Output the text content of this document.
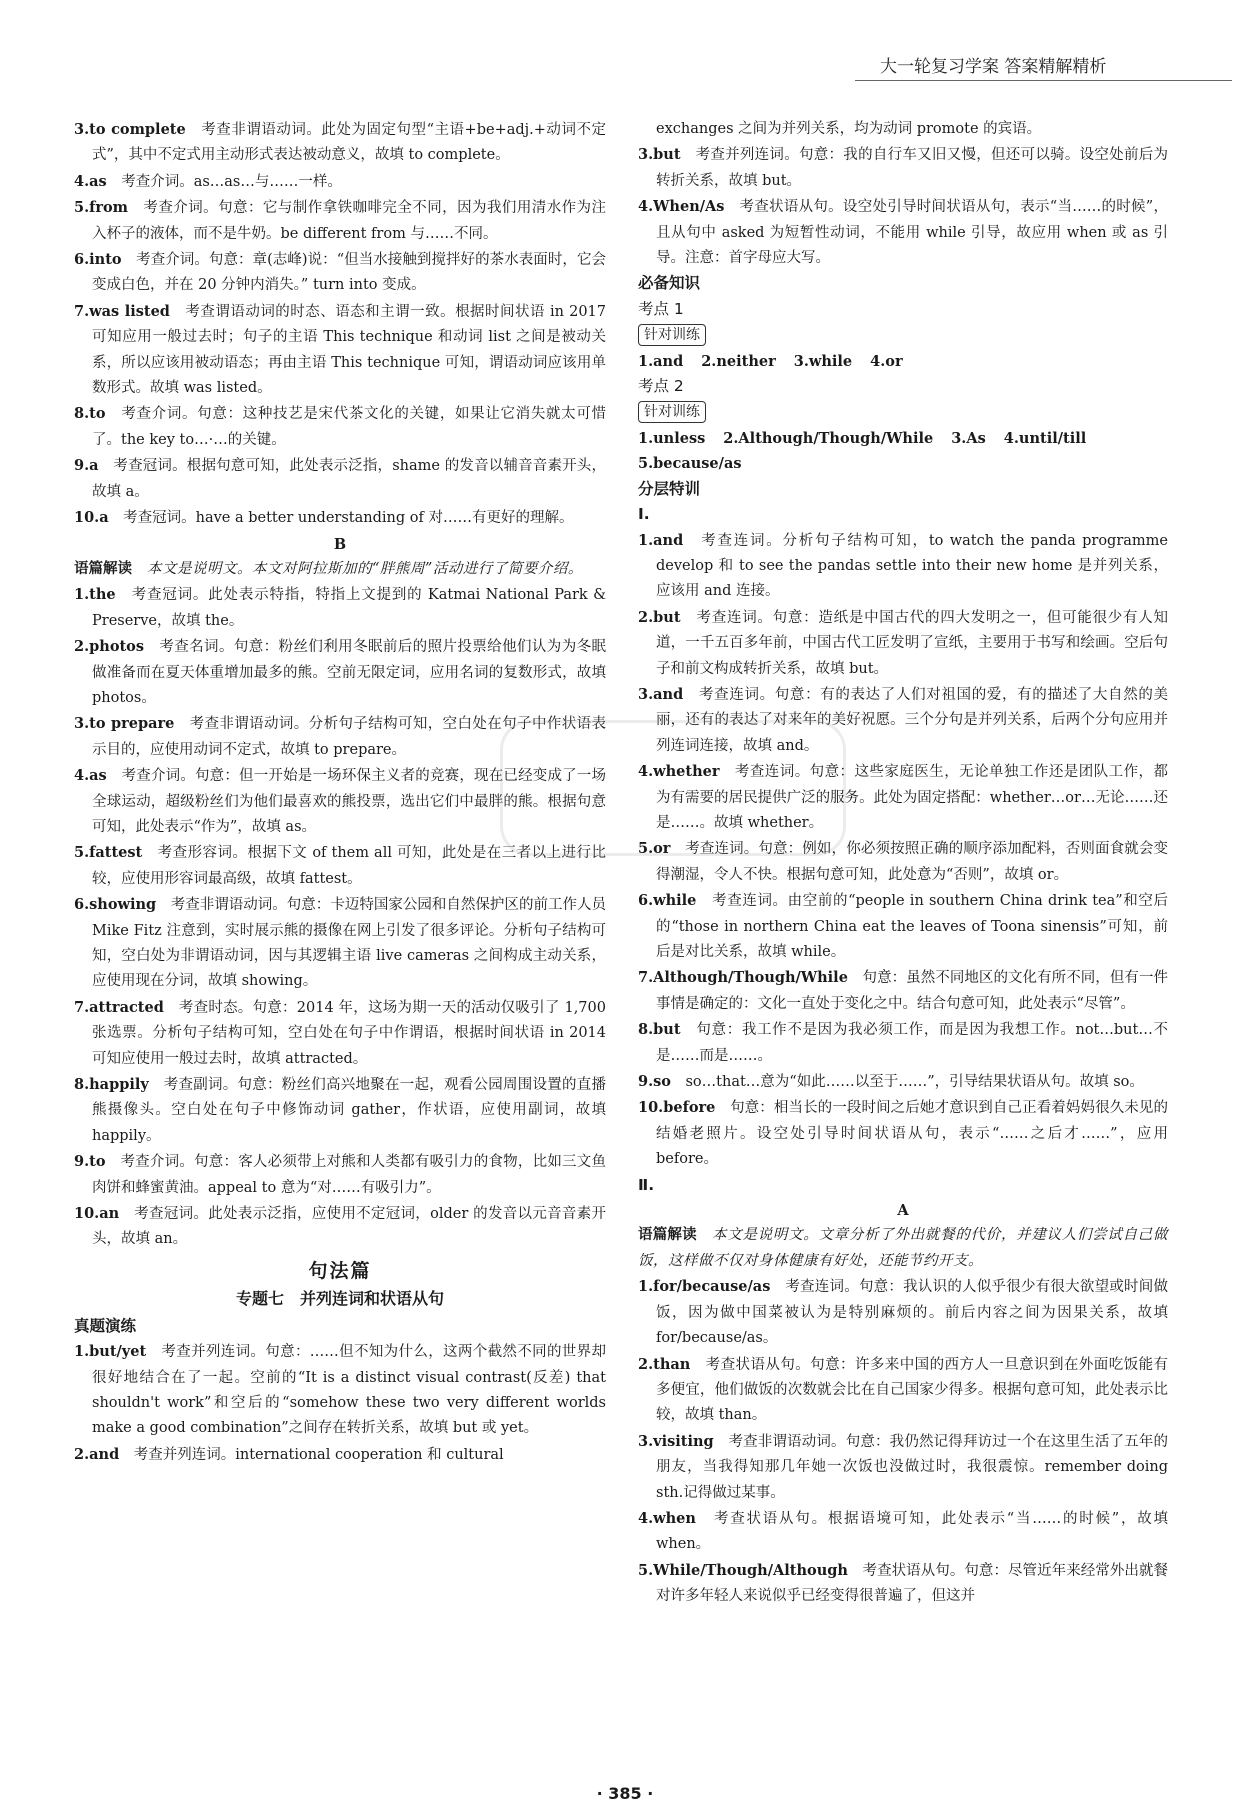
大一轮复习学案 答案精解精析

3.to complete　考查非谓语动词。此处为固定句型“主语+be+adj.+动词不定式”，其中不定式用主动形式表达被动意义，故填 to complete。

4.as　考查介词。as…as…与……一样。

5.from　考查介词。句意：它与制作拿铁咖啡完全不同，因为我们用清水作为注入杯子的液体，而不是牛奶。be different from 与……不同。

6.into　考查介词。句意：章(志峰)说：“但当水接触到搅拌好的茶水表面时，它会变成白色，并在 20 分钟内消失。” turn into 变成。

7.was listed　考查谓语动词的时态、语态和主谓一致。根据时间状语 in 2017 可知应用一般过去时；句子的主语 This technique 和动词 list 之间是被动关系，所以应该用被动语态；再由主语 This technique 可知，谓语动词应该用单数形式。故填 was listed。

8.to　考查介词。句意：这种技艺是宋代茶文化的关键，如果让它消失就太可惜了。the key to…·…的关键。

9.a　考查冠词。根据句意可知，此处表示泛指，shame 的发音以辅音音素开头，故填 a。

10.a　考查冠词。have a better understanding of 对……有更好的理解。

B

语篇解读　本文是说明文。本文对阿拉斯加的“胖熊周”活动进行了简要介绍。

1.the　考查冠词。此处表示特指，特指上文提到的 Katmai National Park & Preserve，故填 the。

2.photos　考查名词。句意：粉丝们利用冬眠前后的照片投票给他们认为为冬眠做准备而在夏天体重增加最多的熊。空前无限定词，应用名词的复数形式，故填 photos。

3.to prepare　考查非谓语动词。分析句子结构可知，空白处在句子中作状语表示目的，应使用动词不定式，故填 to prepare。

4.as　考查介词。句意：但一开始是一场环保主义者的竞赛，现在已经变成了一场全球运动，超级粉丝们为他们最喜欢的熊投票，选出它们中最胖的熊。根据句意可知，此处表示“作为”，故填 as。

5.fattest　考查形容词。根据下文 of them all 可知，此处是在三者以上进行比较，应使用形容词最高级，故填 fattest。

6.showing　考查非谓语动词。句意：卡迈特国家公园和自然保护区的前工作人员 Mike Fitz 注意到，实时展示熊的摄像在网上引发了很多评论。分析句子结构可知，空白处为非谓语动词，因与其逻辑主语 live cameras 之间构成主动关系，应使用现在分词，故填 showing。

7.attracted　考查时态。句意：2014 年，这场为期一天的活动仅吸引了 1,700 张选票。分析句子结构可知，空白处在句子中作谓语，根据时间状语 in 2014 可知应使用一般过去时，故填 attracted。

8.happily　考查副词。句意：粉丝们高兴地聚在一起，观看公园周围设置的直播熊摄像头。空白处在句子中修饰动词 gather，作状语，应使用副词，故填 happily。

9.to　考查介词。句意：客人必须带上对熊和人类都有吸引力的食物，比如三文鱼肉饼和蜂蜜黄油。appeal to 意为“对……有吸引力”。

10.an　考查冠词。此处表示泛指，应使用不定冠词，older 的发音以元音音素开头，故填 an。

句法篇

专题七　并列连词和状语从句

真题演练

1.but/yet　考查并列连词。句意：……但不知为什么，这两个截然不同的世界却很好地结合在了一起。空前的“It is a distinct visual contrast(反差) that shouldn't work”和空后的“somehow these two very different worlds make a good combination”之间存在转折关系，故填 but 或 yet。

2.and　考查并列连词。international cooperation 和 cultural

exchanges 之间为并列关系，均为动词 promote 的宾语。

3.but　考查并列连词。句意：我的自行车又旧又慢，但还可以骑。设空处前后为转折关系，故填 but。

4.When/As　考查状语从句。设空处引导时间状语从句，表示“当……的时候”，且从句中 asked 为短暂性动词，不能用 while 引导，故应用 when 或 as 引导。注意：首字母应大写。

必备知识

考点 1

针对训练

1.and 2.neither 3.while 4.or

考点 2

针对训练

1.unless 2.Although/Though/While 3.As 4.until/till

5.because/as

分层特训

Ⅰ.

1.and　考查连词。分析句子结构可知，to watch the panda programme develop 和 to see the pandas settle into their new home 是并列关系，应该用 and 连接。

2.but　考查连词。句意：造纸是中国古代的四大发明之一，但可能很少有人知道，一千五百多年前，中国古代工匠发明了宣纸，主要用于书写和绘画。空后句子和前文构成转折关系，故填 but。

3.and　考查连词。句意：有的表达了人们对祖国的爱，有的描述了大自然的美丽，还有的表达了对来年的美好祝愿。三个分句是并列关系，后两个分句应用并列连词连接，故填 and。

4.whether　考查连词。句意：这些家庭医生，无论单独工作还是团队工作，都为有需要的居民提供广泛的服务。此处为固定搭配：whether…or…无论……还是……。故填 whether。

5.or　考查连词。句意：例如，你必须按照正确的顺序添加配料，否则面食就会变得潮湿，令人不快。根据句意可知，此处意为“否则”，故填 or。

6.while　考查连词。由空前的“people in southern China drink tea”和空后的“those in northern China eat the leaves of Toona sinensis”可知，前后是对比关系，故填 while。

7.Although/Though/While　句意：虽然不同地区的文化有所不同，但有一件事情是确定的：文化一直处于变化之中。结合句意可知，此处表示“尽管”。

8.but　句意：我工作不是因为我必须工作，而是因为我想工作。not…but…不是……而是……。

9.so　so…that…意为“如此……以至于……”，引导结果状语从句。故填 so。

10.before　句意：相当长的一段时间之后她才意识到自己正看着妈妈很久未见的结婚老照片。设空处引导时间状语从句，表示“……之后才……”，应用 before。

Ⅱ.

A

语篇解读　本文是说明文。文章分析了外出就餐的代价，并建议人们尝试自己做饭，这样做不仅对身体健康有好处，还能节约开支。

1.for/because/as　考查连词。句意：我认识的人似乎很少有很大欲望或时间做饭，因为做中国菜被认为是特别麻烦的。前后内容之间为因果关系，故填 for/because/as。

2.than　考查状语从句。句意：许多来中国的西方人一旦意识到在外面吃饭能有多便宜，他们做饭的次数就会比在自己国家少得多。根据句意可知，此处表示比较，故填 than。

3.visiting　考查非谓语动词。句意：我仍然记得拜访过一个在这里生活了五年的朋友，当我得知那几年她一次饭也没做过时，我很震惊。remember doing sth.记得做过某事。

4.when　考查状语从句。根据语境可知，此处表示“当……的时候”，故填 when。

5.While/Though/Although　考查状语从句。句意：尽管近年来经常外出就餐对许多年轻人来说似乎已经变得很普遍了，但这并

· 385 ·
